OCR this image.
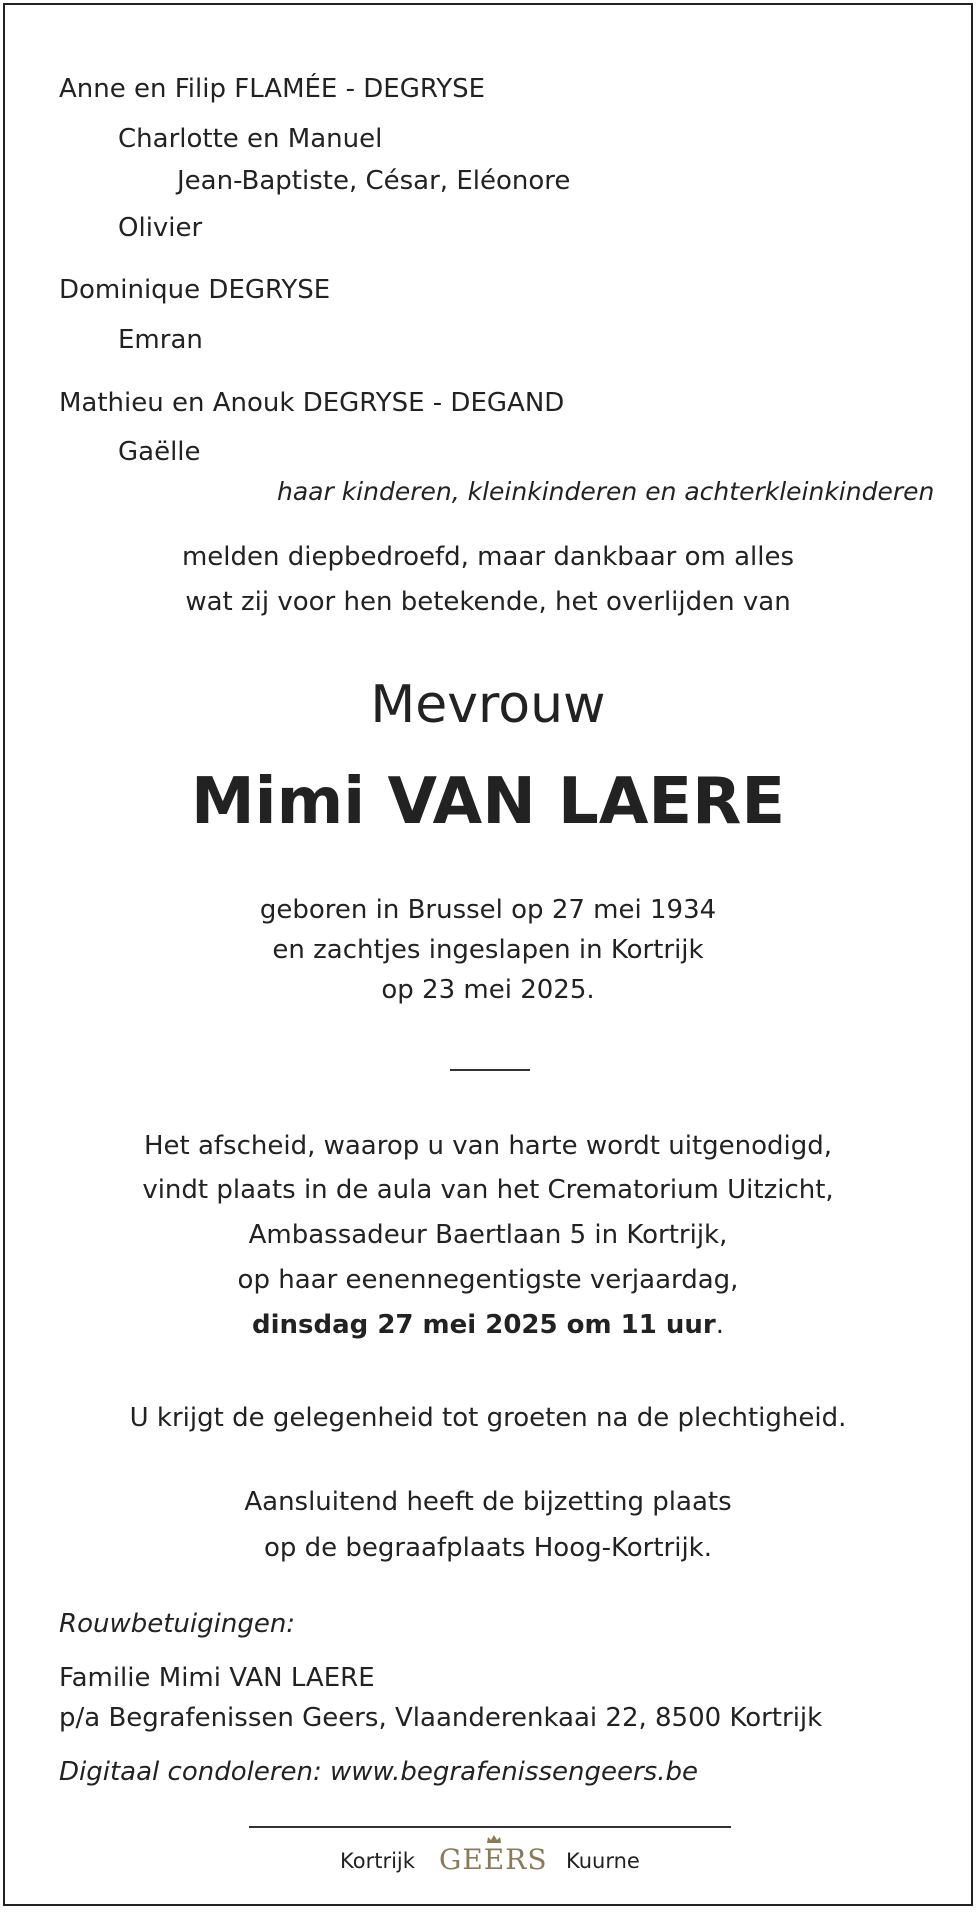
Anne en Filip FLAMÉE - DEGRYSE
Charlotte en Manuel
Jean-Baptiste, César, Eléonore
Olivier
Dominique DEGRYSE
Emran
Mathieu en Anouk DEGRYSE - DEGAND
Gaëlle
haar kinderen, kleinkinderen en achterkleinkinderen
melden diepbedroefd, maar dankbaar om alles
wat zij voor hen betekende, het overlijden van
Mevrouw
Mimi VAN LAERE
geboren in Brussel op 27 mei 1934
en zachtjes ingeslapen in Kortrijk
op 23 mei 2025.
Het afscheid, waarop u van harte wordt uitgenodigd,
vindt plaats in de aula van het Crematorium Uitzicht,
Ambassadeur Baertlaan 5 in Kortrijk,
op haar eenennegentigste verjaardag,
dinsdag 27 mei 2025 om 11 uur.
U krijgt de gelegenheid tot groeten na de plechtigheid.
Aansluitend heeft de bijzetting plaats
op de begraafplaats Hoog-Kortrijk.
Rouwbetuigingen:
Familie Mimi VAN LAERE
p/a Begrafenissen Geers, Vlaanderenkaai 22, 8500 Kortrijk
Digitaal condoleren: www.begrafenissengeers.be
Kortrijk GEERS Kuurne
